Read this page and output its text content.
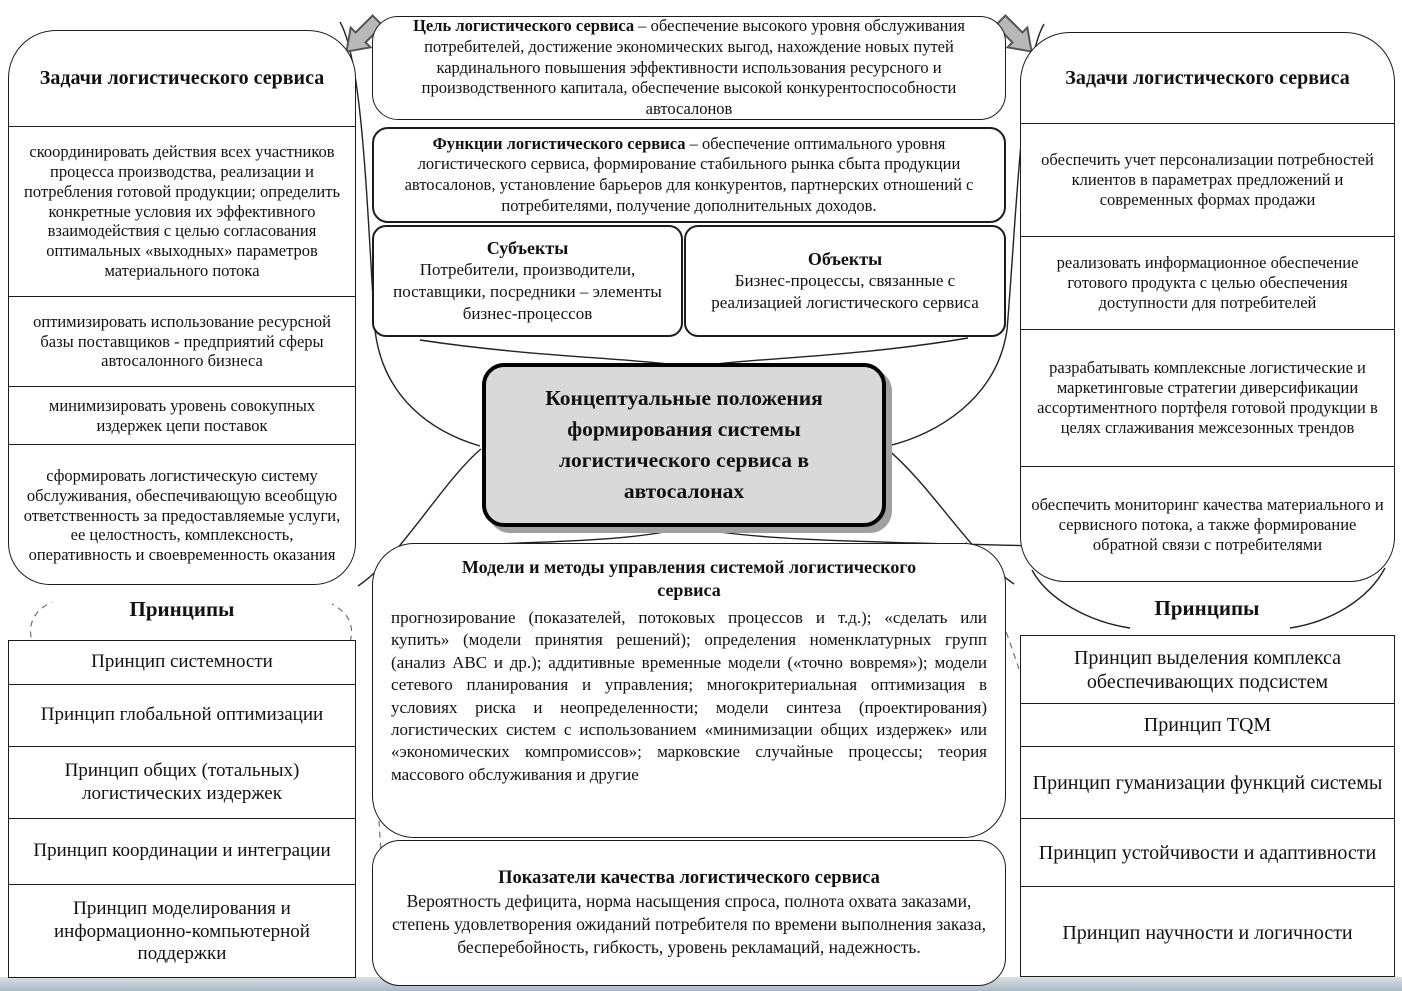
Задачи логистического сервиса
скоординировать действия всех участников процесса производства, реализации и потребления готовой продукции; определить конкретные условия их эффективного взаимодействия с целью согласования оптимальных «выходных» параметров материального потока
оптимизировать использование ресурсной базы поставщиков - предприятий сферы автосалонного бизнеса
минимизировать уровень совокупных издержек цепи поставок
сформировать логистическую систему обслуживания, обеспечивающую всеобщую ответственность за предоставляемые услуги, ее целостность, комплексность, оперативность и своевременность оказания
Принципы
Принцип системности
Принцип глобальной оптимизации
Принцип общих (тотальных) логистических издержек
Принцип координации и интеграции
Принцип моделирования и информационно-компьютерной поддержки
Цель логистического сервиса – обеспечение высокого уровня обслуживания потребителей, достижение экономических выгод, нахождение новых путей кардинального повышения эффективности использования ресурсного и производственного капитала, обеспечение высокой конкурентоспособности автосалонов
Функции логистического сервиса – обеспечение оптимального уровня логистического сервиса, формирование стабильного рынка сбыта продукции автосалонов, установление барьеров для конкурентов, партнерских отношений с потребителями, получение дополнительных доходов.
Субъекты
Потребители, производители, поставщики, посредники – элементы бизнес-процессов
Объекты
Бизнес-процессы, связанные с реализацией логистического сервиса
Концептуальные положения формирования системы логистического сервиса в автосалонах
Модели и методы управления системой логистического сервиса
прогнозирование (показателей, потоковых процессов и т.д.); «сделать или купить» (модели принятия решений); определения номенклатурных групп (анализ АВС и др.); аддитивные временные модели («точно вовремя»); модели сетевого планирования и управления; многокритериальная оптимизация в условиях риска и неопределенности; модели синтеза (проектирования) логистических систем с использованием «минимизации общих издержек» или «экономических компромиссов»; марковские случайные процессы; теория массового обслуживания и другие
Показатели качества логистического сервиса
Вероятность дефицита, норма насыщения спроса, полнота охвата заказами, степень удовлетворения ожиданий потребителя по времени выполнения заказа, бесперебойность, гибкость, уровень рекламаций, надежность.
Задачи логистического сервиса
обеспечить учет персонализации потребностей клиентов в параметрах предложений и современных формах продажи
реализовать информационное обеспечение готового продукта с целью обеспечения доступности для потребителей
разрабатывать комплексные логистические и маркетинговые стратегии диверсификации ассортиментного портфеля готовой продукции в целях сглаживания межсезонных трендов
обеспечить мониторинг качества материального и сервисного потока, а также формирование обратной связи с потребителями
Принципы
Принцип выделения комплекса обеспечивающих подсистем
Принцип TQM
Принцип гуманизации функций системы
Принцип устойчивости и адаптивности
Принцип научности и логичности
